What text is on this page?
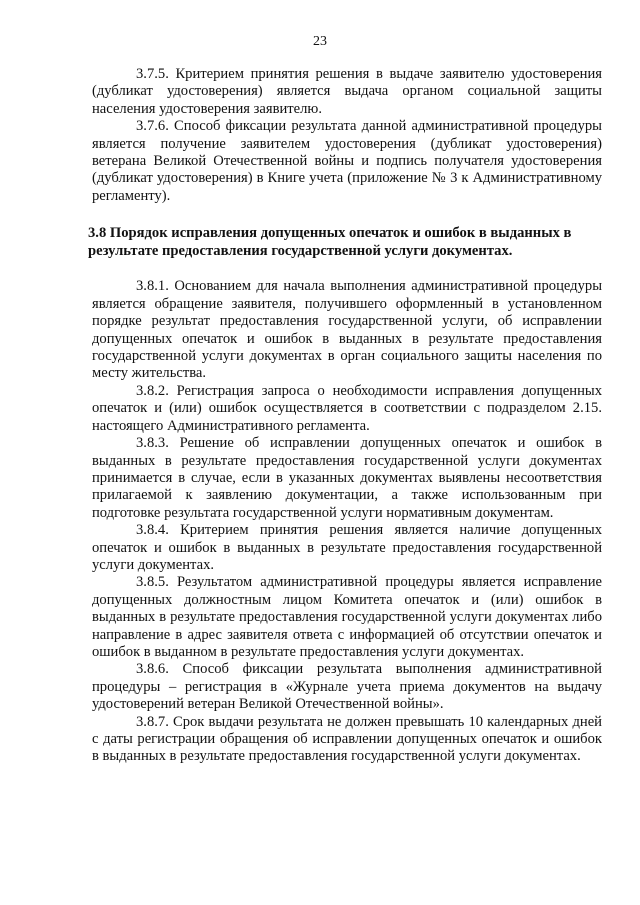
23

3.7.5. Критерием принятия решения в выдаче заявителю удостоверения (дубликат удостоверения) является выдача органом социальной защиты населения удостоверения заявителю.

3.7.6. Способ фиксации результата данной административной процедуры является получение заявителем удостоверения (дубликат удостоверения) ветерана Великой Отечественной войны и подпись получателя удостоверения (дубликат удостоверения) в Книге учета (приложение № 3 к Административному регламенту).

3.8 Порядок исправления допущенных опечаток и ошибок в выданных в результате предоставления государственной услуги документах.

3.8.1. Основанием для начала выполнения административной процедуры является обращение заявителя, получившего оформленный в установленном порядке результат предоставления государственной услуги, об исправлении допущенных опечаток и ошибок в выданных в результате предоставления государственной услуги документах в орган социального защиты населения по месту жительства.

3.8.2. Регистрация запроса о необходимости исправления допущенных опечаток и (или) ошибок осуществляется в соответствии с подразделом 2.15. настоящего Административного регламента.

3.8.3. Решение об исправлении допущенных опечаток и ошибок в выданных в результате предоставления государственной услуги документах принимается в случае, если в указанных документах выявлены несоответствия прилагаемой к заявлению документации, а также использованным при подготовке результата государственной услуги нормативным документам.

3.8.4. Критерием принятия решения является наличие допущенных опечаток и ошибок в выданных в результате предоставления государственной услуги документах.

3.8.5. Результатом административной процедуры является исправление допущенных должностным лицом Комитета опечаток и (или) ошибок в выданных в результате предоставления государственной услуги документах либо направление в адрес заявителя ответа с информацией об отсутствии опечаток и ошибок в выданном в результате предоставления услуги документах.

3.8.6. Способ фиксации результата выполнения административной процедуры – регистрация в «Журнале учета приема документов на выдачу удостоверений ветеран Великой Отечественной войны».

3.8.7. Срок выдачи результата не должен превышать 10 календарных дней с даты регистрации обращения об исправлении допущенных опечаток и ошибок в выданных в результате предоставления государственной услуги документах.
